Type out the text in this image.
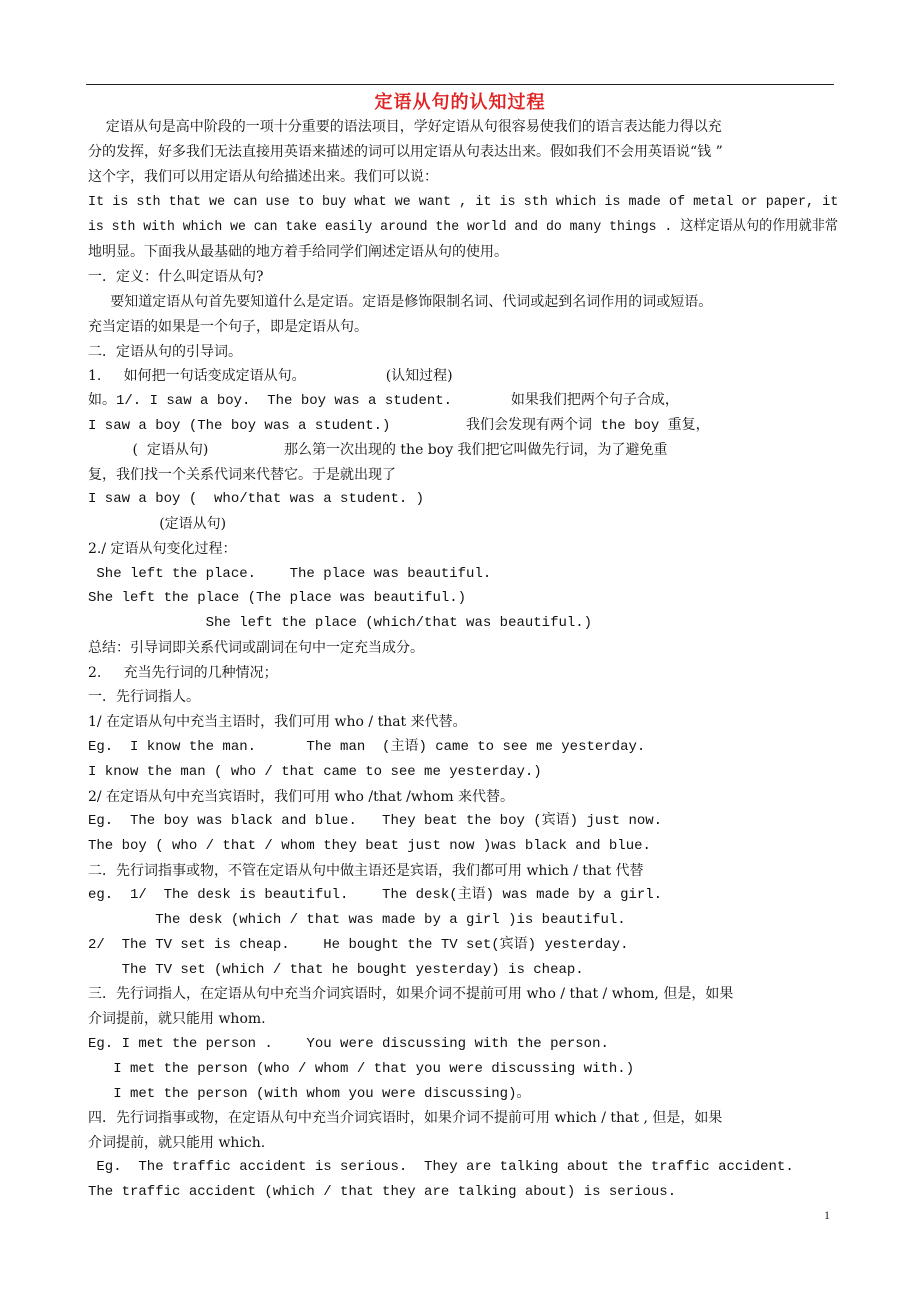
定语从句的认知过程
定语从句是高中阶段的一项十分重要的语法项目，学好定语从句很容易使我们的语言表达能力得以充
分的发挥，好多我们无法直接用英语来描述的词可以用定语从句表达出来。假如我们不会用英语说“钱 ”
这个字，我们可以用定语从句给描述出来。我们可以说：
It is sth that we can use to buy what we want , it is sth which is made of metal or paper, it
is sth with which we can take easily around the world and do many things . 这样定语从句的作用就非常
地明显。下面我从最基础的地方着手给同学们阐述定语从句的使用。
一．定义：什么叫定语从句?
要知道定语从句首先要知道什么是定语。定语是修饰限制名词、代词或起到名词作用的词或短语。
充当定语的如果是一个句子，即是定语从句。
二．定语从句的引导词。
1.     如何把一句话变成定语从句。                  (认知过程)
如。1/. I saw a boy.  The boy was a student.       如果我们把两个句子合成，
I saw a boy (The boy was a student.)         我们会发现有两个词 the boy 重复，
(  定语从句)                 那么第一次出现的 the boy 我们把它叫做先行词，为了避免重
复，我们找一个关系代词来代替它。于是就出现了
I saw a boy (  who/that was a student. )
(定语从句)
2./ 定语从句变化过程：
She left the place.    The place was beautiful.
She left the place (The place was beautiful.)
She left the place (which/that was beautiful.)
总结：引导词即关系代词或副词在句中一定充当成分。
2.     充当先行词的几种情况；
一．先行词指人。
1/ 在定语从句中充当主语时，我们可用 who / that 来代替。
Eg.  I know the man.      The man  (主语) came to see me yesterday.
I know the man ( who / that came to see me yesterday.)
2/ 在定语从句中充当宾语时，我们可用 who /that /whom 来代替。
Eg.  The boy was black and blue.   They beat the boy (宾语) just now.
The boy ( who / that / whom they beat just now )was black and blue.
二．先行词指事或物，不管在定语从句中做主语还是宾语，我们都可用 which / that 代替
eg.  1/  The desk is beautiful.    The desk(主语) was made by a girl.
The desk (which / that was made by a girl )is beautiful.
2/  The TV set is cheap.    He bought the TV set(宾语) yesterday.
The TV set (which / that he bought yesterday) is cheap.
三．先行词指人，在定语从句中充当介词宾语时，如果介词不提前可用 who / that / whom, 但是，如果
介词提前，就只能用 whom.
Eg. I met the person .    You were discussing with the person.
I met the person (who / whom / that you were discussing with.)
I met the person (with whom you were discussing)。
四．先行词指事或物，在定语从句中充当介词宾语时，如果介词不提前可用 which / that , 但是，如果
介词提前，就只能用 which.
Eg.  The traffic accident is serious.  They are talking about the traffic accident.
The traffic accident (which / that they are talking about) is serious.
1
